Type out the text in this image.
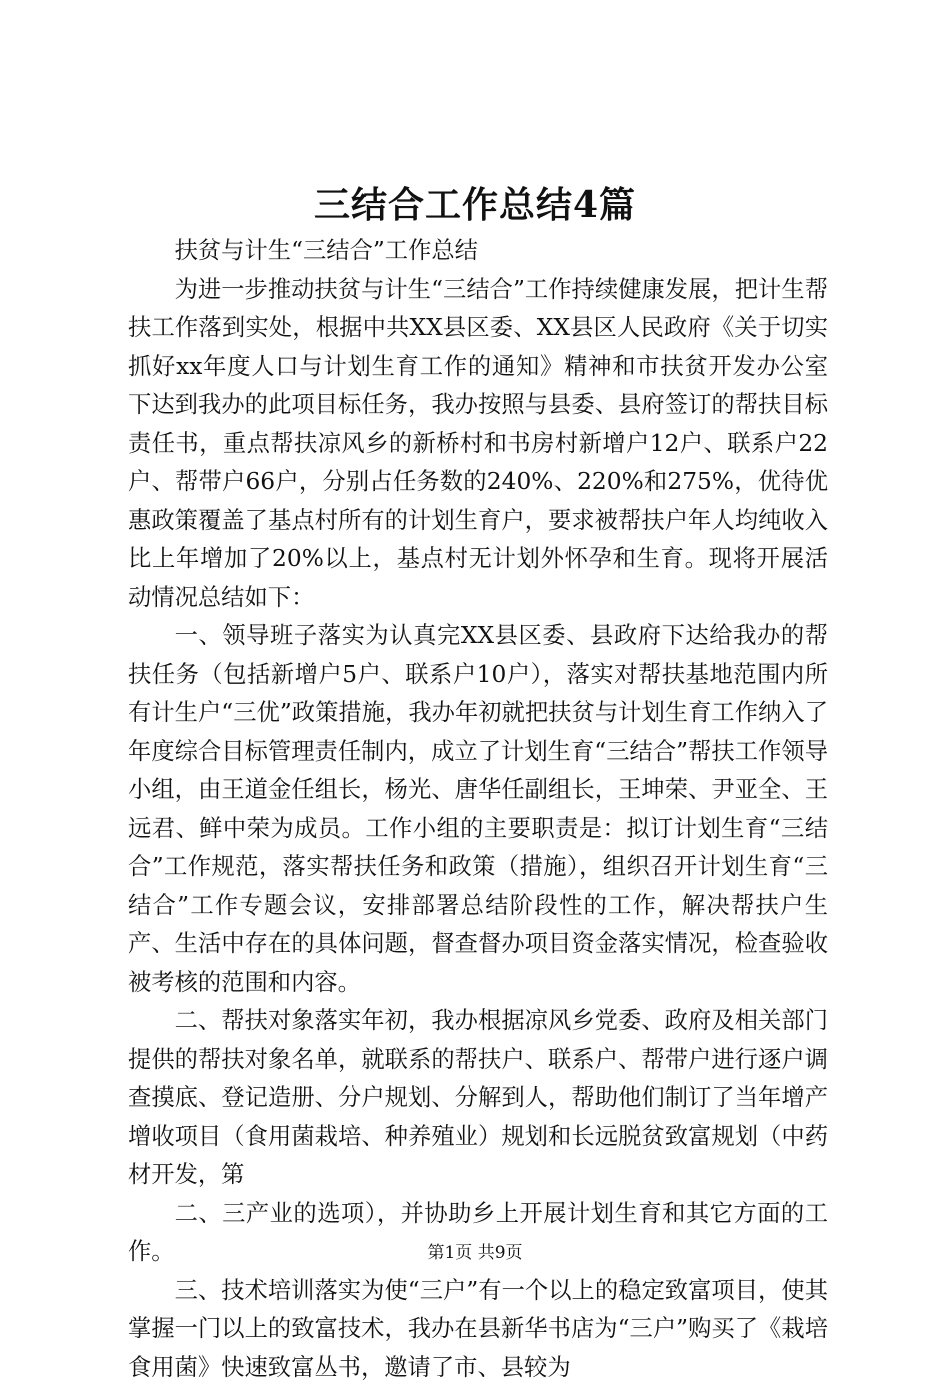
三结合工作总结4篇

扶贫与计生“三结合”工作总结

为进一步推动扶贫与计生“三结合”工作持续健康发展，把计生帮扶工作落到实处，根据中共XX县区委、XX县区人民政府《关于切实抓好xx年度人口与计划生育工作的通知》精神和市扶贫开发办公室下达到我办的此项目标任务，我办按照与县委、县府签订的帮扶目标责任书，重点帮扶凉风乡的新桥村和书房村新增户12户、联系户22户、帮带户66户，分别占任务数的240%、220%和275%，优待优惠政策覆盖了基点村所有的计划生育户，要求被帮扶户年人均纯收入比上年增加了20%以上，基点村无计划外怀孕和生育。现将开展活动情况总结如下：

一、领导班子落实为认真完XX县区委、县政府下达给我办的帮扶任务（包括新增户5户、联系户10户），落实对帮扶基地范围内所有计生户“三优”政策措施，我办年初就把扶贫与计划生育工作纳入了年度综合目标管理责任制内，成立了计划生育“三结合”帮扶工作领导小组，由王道金任组长，杨光、唐华任副组长，王坤荣、尹亚全、王远君、鲜中荣为成员。工作小组的主要职责是：拟订计划生育“三结合”工作规范，落实帮扶任务和政策（措施），组织召开计划生育“三结合”工作专题会议，安排部署总结阶段性的工作，解决帮扶户生产、生活中存在的具体问题，督查督办项目资金落实情况，检查验收被考核的范围和内容。

二、帮扶对象落实年初，我办根据凉风乡党委、政府及相关部门提供的帮扶对象名单，就联系的帮扶户、联系户、帮带户进行逐户调查摸底、登记造册、分户规划、分解到人，帮助他们制订了当年增产增收项目（食用菌栽培、种养殖业）规划和长远脱贫致富规划（中药材开发，第

二、三产业的选项），并协助乡上开展计划生育和其它方面的工作。

三、技术培训落实为使“三户”有一个以上的稳定致富项目，使其掌握一门以上的致富技术，我办在县新华书店为“三户”购买了《栽培食用菌》快速致富丛书，邀请了市、县较为

第1页 共9页
